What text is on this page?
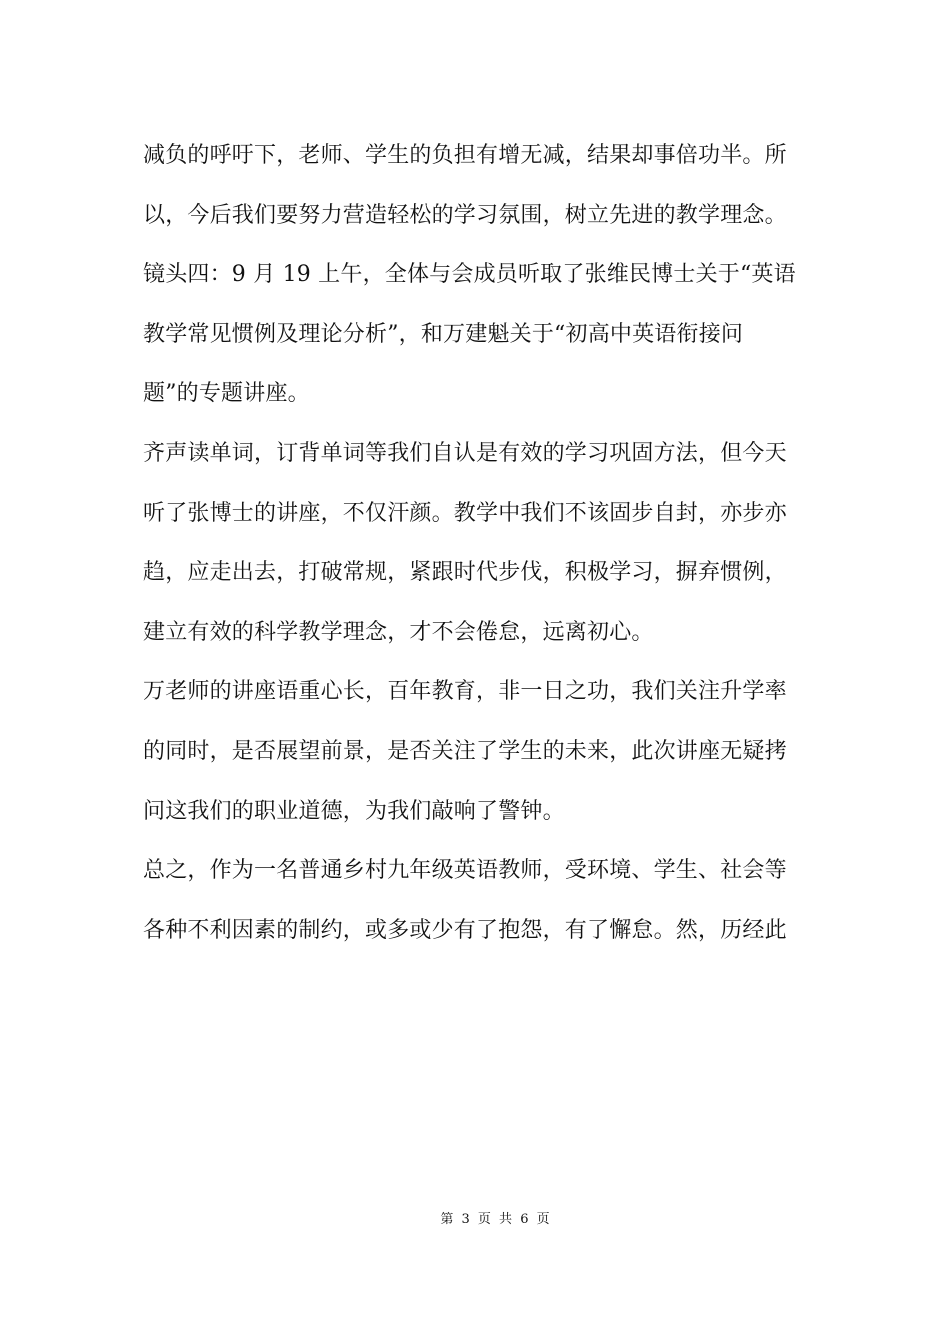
减负的呼吁下，老师、学生的负担有增无减，结果却事倍功半。所
以，今后我们要努力营造轻松的学习氛围，树立先进的教学理念。
镜头四：9 月 19 上午，全体与会成员听取了张维民博士关于“英语
教学常见惯例及理论分析”，和万建魁关于“初高中英语衔接问
题”的专题讲座。
齐声读单词，订背单词等我们自认是有效的学习巩固方法，但今天
听了张博士的讲座，不仅汗颜。教学中我们不该固步自封，亦步亦
趋，应走出去，打破常规，紧跟时代步伐，积极学习，摒弃惯例，
建立有效的科学教学理念，才不会倦怠，远离初心。
万老师的讲座语重心长，百年教育，非一日之功，我们关注升学率
的同时，是否展望前景，是否关注了学生的未来，此次讲座无疑拷
问这我们的职业道德，为我们敲响了警钟。
总之，作为一名普通乡村九年级英语教师，受环境、学生、社会等
各种不利因素的制约，或多或少有了抱怨，有了懈怠。然，历经此
第 3 页 共 6 页
